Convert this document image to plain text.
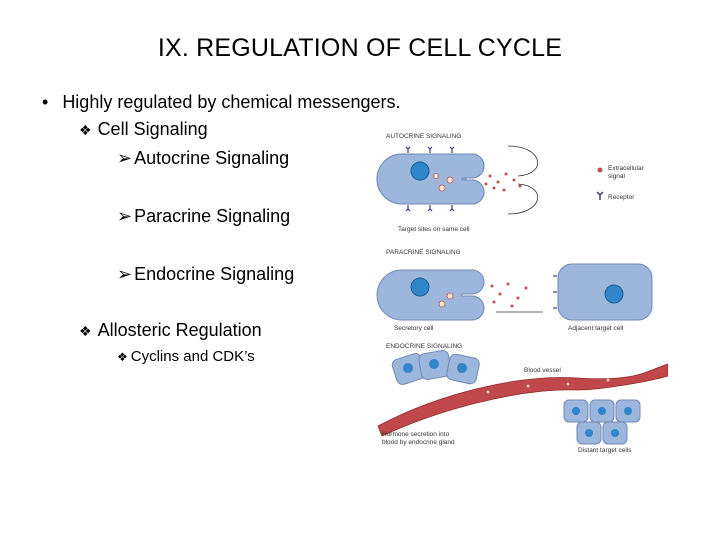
IX. REGULATION OF CELL CYCLE
• Highly regulated by chemical messengers.
❖ Cell Signaling
➢ Autocrine Signaling
➢ Paracrine Signaling
➢ Endocrine Signaling
❖ Allosteric Regulation
❖ Cyclins and CDK’s
AUTOCRINE SIGNALING
Target sites on same cell
Extracellular
signal
Receptor
PARACRINE SIGNALING
Secretory cell	Adjacent target cell
ENDOCRINE SIGNALING
Blood vessel
Hormone secretion into
blood by endocrine gland
Distant target cells
